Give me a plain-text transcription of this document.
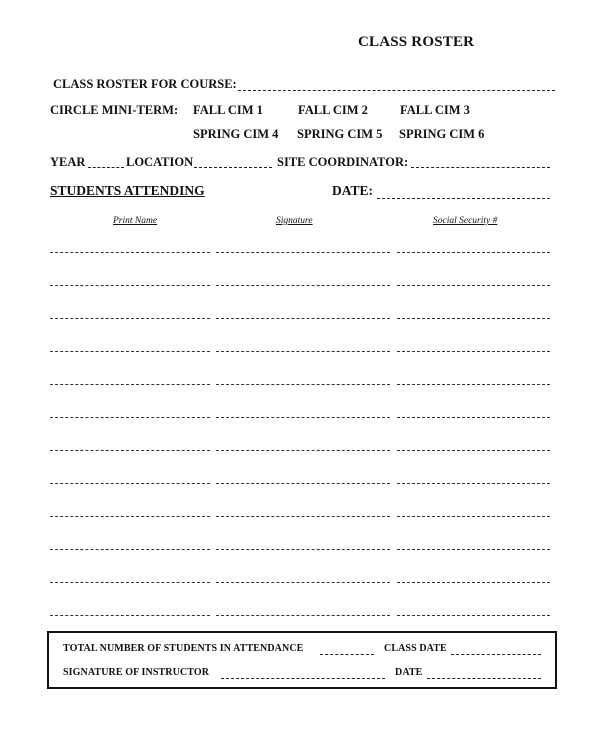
CLASS ROSTER
CLASS ROSTER FOR COURSE:
CIRCLE MINI-TERM: FALL CIM 1	FALL CIM 2	FALL CIM 3
SPRING CIM 4 SPRING CIM 5 SPRING CIM 6
YEAR	LOCATION	SITE COORDINATOR:
STUDENTS ATTENDING	DATE:
Print Name	Signature	Social Security #
TOTAL NUMBER OF STUDENTS IN ATTENDANCE	CLASS DATE
SIGNATURE OF INSTRUCTOR	DATE
